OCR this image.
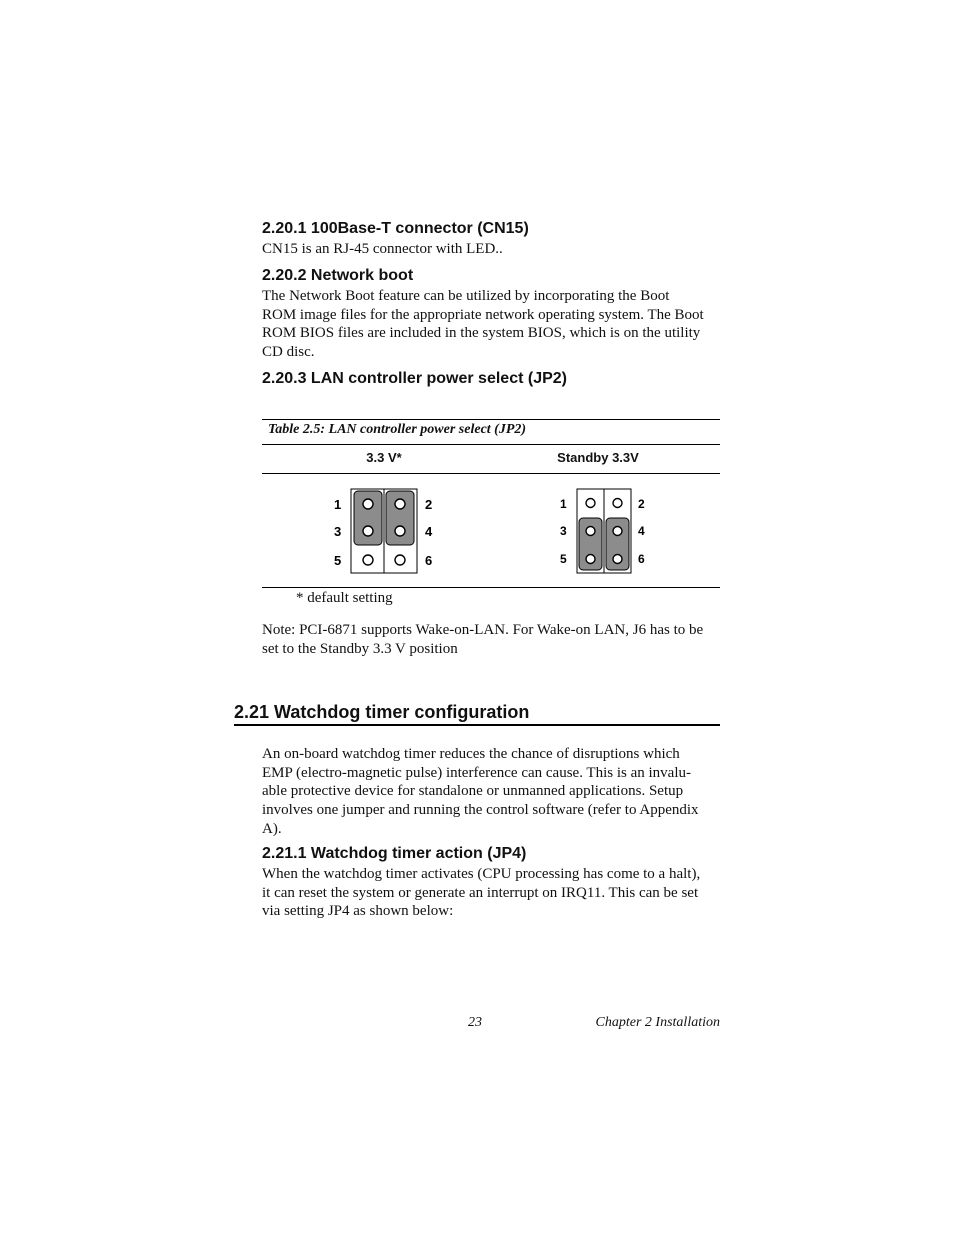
2.20.1 100Base-T connector (CN15)
CN15 is an RJ-45 connector with LED..
2.20.2 Network boot
The Network Boot feature can be utilized by incorporating the Boot
ROM image files for the appropriate network operating system. The Boot
ROM BIOS files are included in the system BIOS, which is on the utility
CD disc.
2.20.3 LAN controller power select (JP2)
Table 2.5: LAN controller power select (JP2)
3.3 V*	Standby 3.3V
1	2
3	4
5	6
1	2
3	4
5	6
* default setting
Note: PCI-6871 supports Wake-on-LAN. For Wake-on LAN, J6 has to be
set to the Standby 3.3 V position
2.21 Watchdog timer configuration
An on-board watchdog timer reduces the chance of disruptions which
EMP (electro-magnetic pulse) interference can cause. This is an invalu-
able protective device for standalone or unmanned applications. Setup
involves one jumper and running the control software (refer to Appendix
A).
2.21.1 Watchdog timer action (JP4)
When the watchdog timer activates (CPU processing has come to a halt),
it can reset the system or generate an interrupt on IRQ11. This can be set
via setting JP4 as shown below:
23	Chapter 2 Installation
